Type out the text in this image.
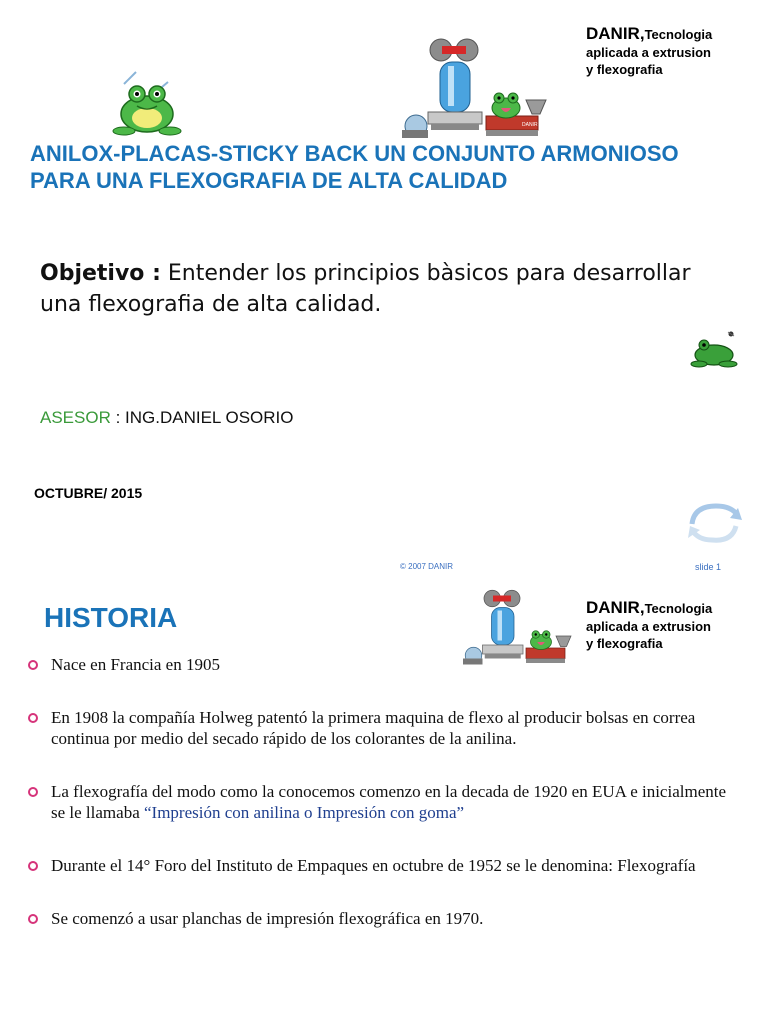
DANIR
DANIR,Tecnologia
aplicada a extrusion
y flexografia
ANILOX-PLACAS-STICKY BACK UN CONJUNTO ARMONIOSO PARA UNA FLEXOGRAFIA DE ALTA CALIDAD
Objetivo : Entender los principios bàsicos para desarrollar una flexografia de alta calidad.
ASESOR : ING.DANIEL OSORIO
OCTUBRE/ 2015
© 2007 DANIR	slide 1
HISTORIA	DANIR,Tecnologia
aplicada a extrusion
y flexografia
Nace en Francia en 1905
En 1908 la compañía Holweg patentó la primera maquina de flexo al producir bolsas en correa continua por medio del secado rápido de los colorantes de la anilina.
La flexografía del modo como la conocemos comenzo en la decada de 1920 en EUA e inicialmente se le llamaba “Impresión con anilina o Impresión con goma”
Durante el 14° Foro del Instituto de Empaques en octubre de 1952 se le denomina: Flexografía
Se comenzó a usar planchas de impresión flexográfica en 1970.
